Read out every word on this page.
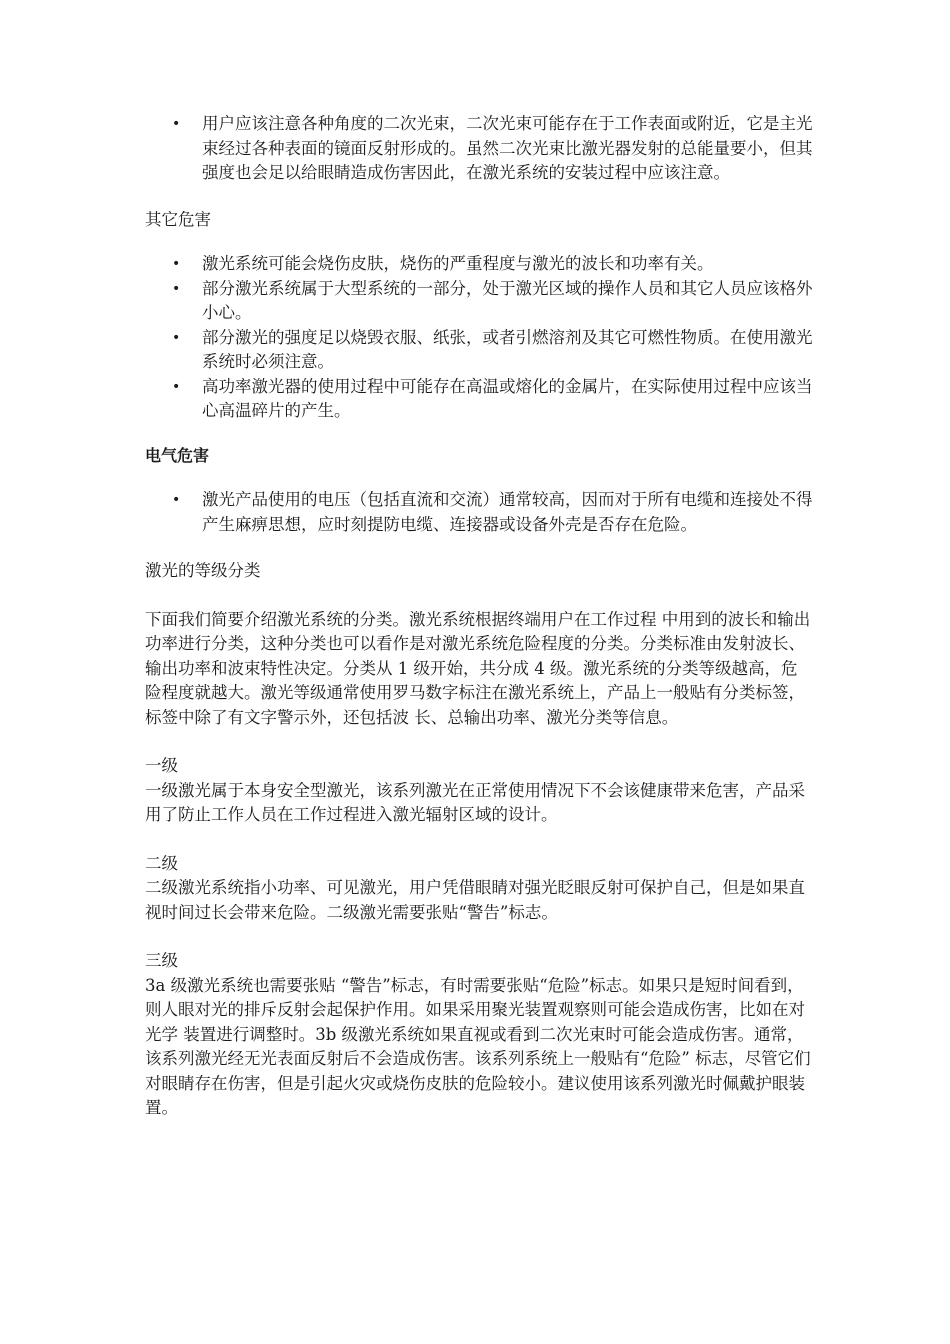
• 用户应该注意各种角度的二次光束，二次光束可能存在于工作表面或附近，它是主光束经过各种表面的镜面反射形成的。虽然二次光束比激光器发射的总能量要小，但其强度也会足以给眼睛造成伤害因此，在激光系统的安装过程中应该注意。

其它危害

• 激光系统可能会烧伤皮肤，烧伤的严重程度与激光的波长和功率有关。
• 部分激光系统属于大型系统的一部分，处于激光区域的操作人员和其它人员应该格外小心。
• 部分激光的强度足以烧毁衣服、纸张，或者引燃溶剂及其它可燃性物质。在使用激光系统时必须注意。
• 高功率激光器的使用过程中可能存在高温或熔化的金属片，在实际使用过程中应该当心高温碎片的产生。

电气危害

• 激光产品使用的电压（包括直流和交流）通常较高，因而对于所有电缆和连接处不得产生麻痹思想，应时刻提防电缆、连接器或设备外壳是否存在危险。

激光的等级分类

下面我们简要介绍激光系统的分类。激光系统根据终端用户在工作过程 中用到的波长和输出功率进行分类，这种分类也可以看作是对激光系统危险程度的分类。分类标准由发射波长、输出功率和波束特性决定。分类从 1 级开始，共分成 4 级。激光系统的分类等级越高，危险程度就越大。激光等级通常使用罗马数字标注在激光系统上，产品上一般贴有分类标签，标签中除了有文字警示外，还包括波 长、总输出功率、激光分类等信息。

一级

一级激光属于本身安全型激光，该系列激光在正常使用情况下不会该健康带来危害，产品采用了防止工作人员在工作过程进入激光辐射区域的设计。

二级

二级激光系统指小功率、可见激光，用户凭借眼睛对强光眨眼反射可保护自己，但是如果直视时间过长会带来危险。二级激光需要张贴“警告”标志。

三级

3a 级激光系统也需要张贴 “警告”标志，有时需要张贴“危险”标志。如果只是短时间看到，则人眼对光的排斥反射会起保护作用。如果采用聚光装置观察则可能会造成伤害，比如在对光学 装置进行调整时。3b 级激光系统如果直视或看到二次光束时可能会造成伤害。通常，该系列激光经无光表面反射后不会造成伤害。该系列系统上一般贴有“危险” 标志，尽管它们对眼睛存在伤害，但是引起火灾或烧伤皮肤的危险较小。建议使用该系列激光时佩戴护眼装置。
